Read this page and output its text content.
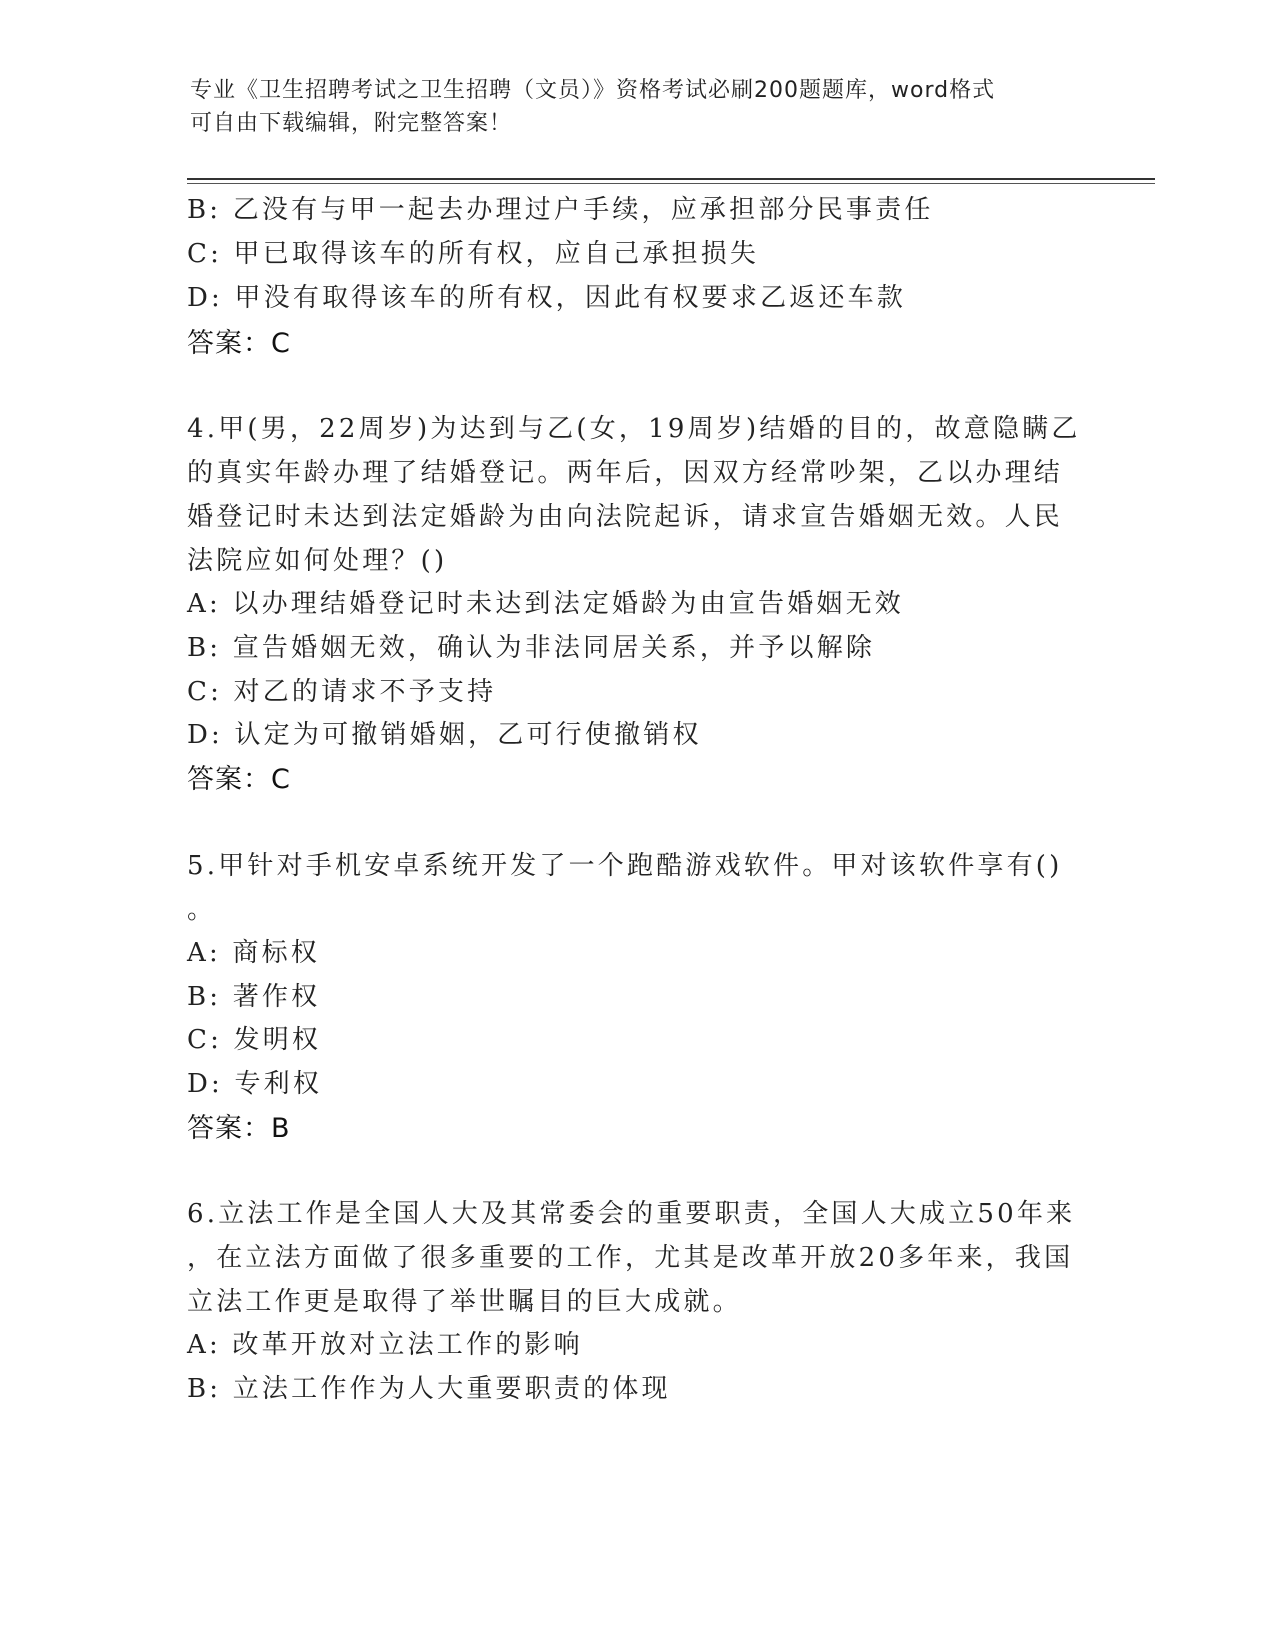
专业《卫生招聘考试之卫生招聘（文员）》资格考试必刷200题题库，word格式
可自由下载编辑，附完整答案！
B: 乙没有与甲一起去办理过户手续，应承担部分民事责任
C: 甲已取得该车的所有权，应自己承担损失
D: 甲没有取得该车的所有权，因此有权要求乙返还车款
答案：C
4.甲(男，22周岁)为达到与乙(女，19周岁)结婚的目的，故意隐瞒乙
的真实年龄办理了结婚登记。两年后，因双方经常吵架，乙以办理结
婚登记时未达到法定婚龄为由向法院起诉，请求宣告婚姻无效。人民
法院应如何处理？()
A: 以办理结婚登记时未达到法定婚龄为由宣告婚姻无效
B: 宣告婚姻无效，确认为非法同居关系，并予以解除
C: 对乙的请求不予支持
D: 认定为可撤销婚姻，乙可行使撤销权
答案：C
5.甲针对手机安卓系统开发了一个跑酷游戏软件。甲对该软件享有()
。
A: 商标权
B: 著作权
C: 发明权
D: 专利权
答案：B
6.立法工作是全国人大及其常委会的重要职责，全国人大成立50年来
，在立法方面做了很多重要的工作，尤其是改革开放20多年来，我国
立法工作更是取得了举世瞩目的巨大成就。
A: 改革开放对立法工作的影响
B: 立法工作作为人大重要职责的体现
